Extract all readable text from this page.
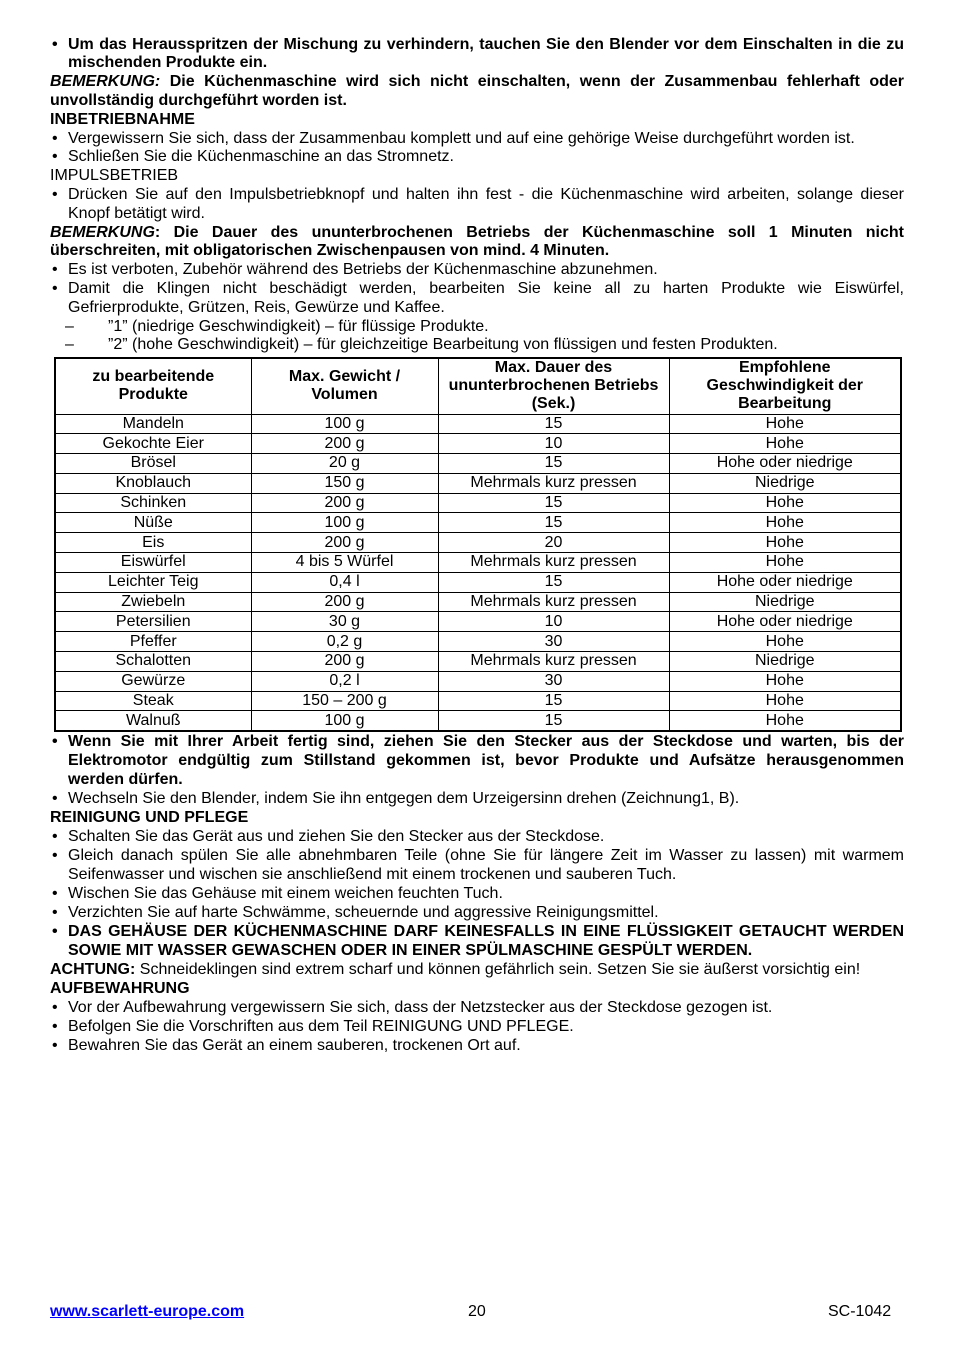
• Um das Herausspritzen der Mischung zu verhindern, tauchen Sie den Blender vor dem Einschalten in die zu
mischenden Produkte ein.
BEMERKUNG: Die Küchenmaschine wird sich nicht einschalten, wenn der Zusammenbau fehlerhaft oder
unvollständig durchgeführt worden ist.
INBETRIEBNAHME
• Vergewissern Sie sich, dass der Zusammenbau komplett und auf eine gehörige Weise durchgeführt worden ist.
• Schließen Sie die Küchenmaschine an das Stromnetz.
IMPULSBETRIEB
• Drücken Sie auf den Impulsbetriebknopf und halten ihn fest - die Küchenmaschine wird arbeiten, solange dieser
Knopf betätigt wird.
BEMERKUNG: Die Dauer des ununterbrochenen Betriebs der Küchenmaschine soll 1 Minuten nicht
überschreiten, mit obligatorischen Zwischenpausen von mind. 4 Minuten.
• Es ist verboten, Zubehör während des Betriebs der Küchenmaschine abzunehmen.
• Damit die Klingen nicht beschädigt werden, bearbeiten Sie keine all zu harten Produkte wie Eiswürfel,
Gefrierprodukte, Grützen, Reis, Gewürze und Kaffee.
– ”1” (niedrige Geschwindigkeit) – für flüssige Produkte.
– ”2” (hohe Geschwindigkeit) – für gleichzeitige Bearbeitung von flüssigen und festen Produkten.
zu bearbeitende Produkte	Max. Gewicht / Volumen	Max. Dauer des ununterbrochenen Betriebs (Sek.)	Empfohlene Geschwindigkeit der Bearbeitung
Mandeln	100 g	15	Hohe
Gekochte Eier	200 g	10	Hohe
Brösel	20 g	15	Hohe oder niedrige
Knoblauch	150 g	Mehrmals kurz pressen	Niedrige
Schinken	200 g	15	Hohe
Nüße	100 g	15	Hohe
Eis	200 g	20	Hohe
Eiswürfel	4 bis 5 Würfel	Mehrmals kurz pressen	Hohe
Leichter Teig	0,4 l	15	Hohe oder niedrige
Zwiebeln	200 g	Mehrmals kurz pressen	Niedrige
Petersilien	30 g	10	Hohe oder niedrige
Pfeffer	0,2 g	30	Hohe
Schalotten	200 g	Mehrmals kurz pressen	Niedrige
Gewürze	0,2 l	30	Hohe
Steak	150 – 200 g	15	Hohe
Walnuß	100 g	15	Hohe
• Wenn Sie mit Ihrer Arbeit fertig sind, ziehen Sie den Stecker aus der Steckdose und warten, bis der
Elektromotor endgültig zum Stillstand gekommen ist, bevor Produkte und Aufsätze herausgenommen
werden dürfen.
• Wechseln Sie den Blender, indem Sie ihn entgegen dem Urzeigersinn drehen (Zeichnung1, B).
REINIGUNG UND PFLEGE
• Schalten Sie das Gerät aus und ziehen Sie den Stecker aus der Steckdose.
• Gleich danach spülen Sie alle abnehmbaren Teile (ohne Sie für längere Zeit im Wasser zu lassen) mit warmem
Seifenwasser und wischen sie anschließend mit einem trockenen und sauberen Tuch.
• Wischen Sie das Gehäuse mit einem weichen feuchten Tuch.
• Verzichten Sie auf harte Schwämme, scheuernde und aggressive Reinigungsmittel.
• DAS GEHÄUSE DER KÜCHENMASCHINE DARF KEINESFALLS IN EINE FLÜSSIGKEIT GETAUCHT WERDEN
SOWIE MIT WASSER GEWASCHEN ODER IN EINER SPÜLMASCHINE GESPÜLT WERDEN.
ACHTUNG: Schneideklingen sind extrem scharf und können gefährlich sein. Setzen Sie sie äußerst vorsichtig ein!
AUFBEWAHRUNG
• Vor der Aufbewahrung vergewissern Sie sich, dass der Netzstecker aus der Steckdose gezogen ist.
• Befolgen Sie die Vorschriften aus dem Teil REINIGUNG UND PFLEGE.
• Bewahren Sie das Gerät an einem sauberen, trockenen Ort auf.
www.scarlett-europe.com	20	SC-1042
